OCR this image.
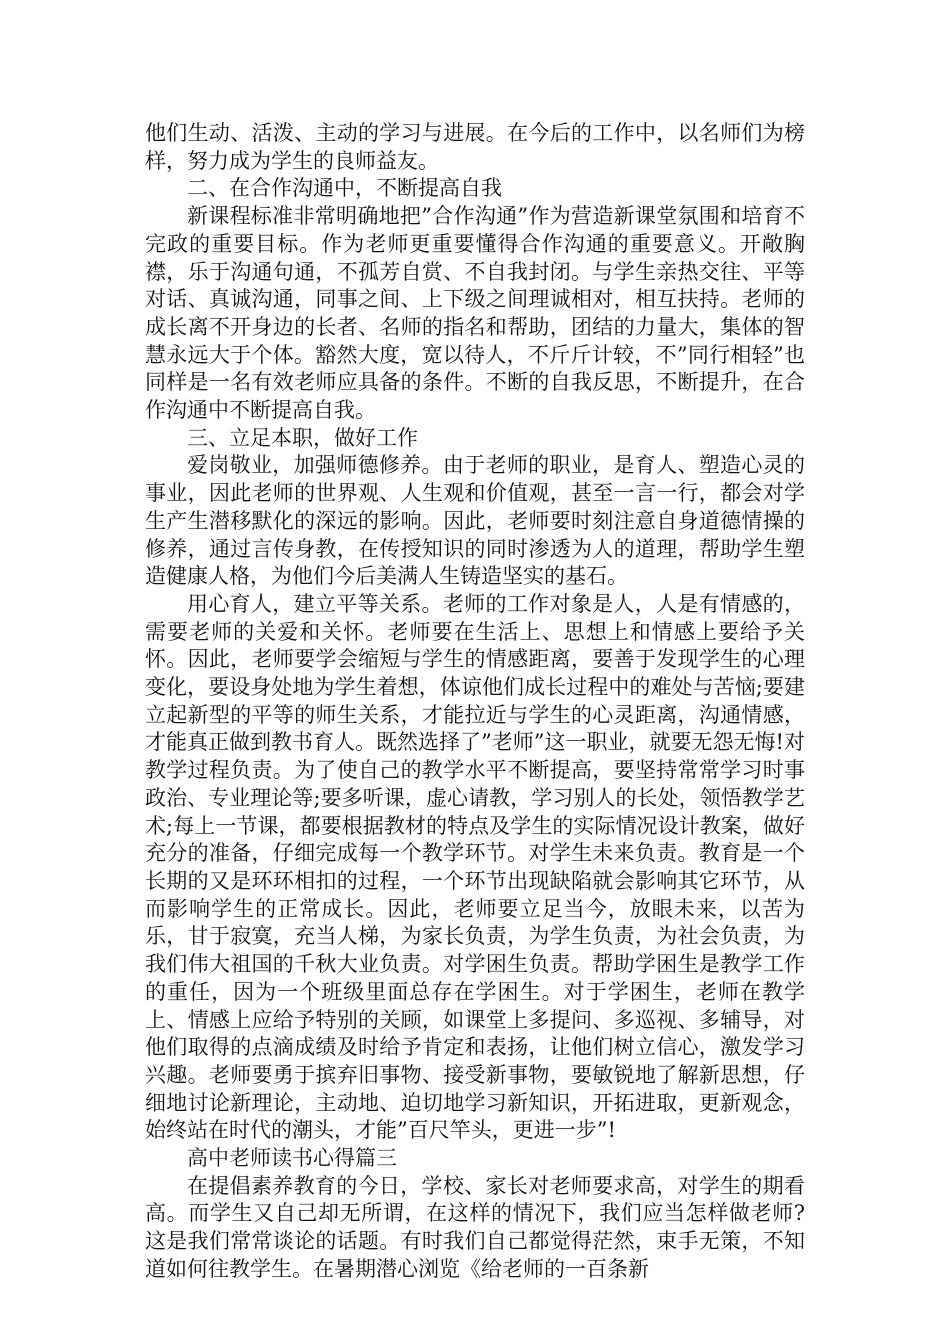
他们生动、活泼、主动的学习与进展。在今后的工作中，以名师们为榜样，努力成为学生的良师益友。

二、在合作沟通中，不断提高自我

新课程标准非常明确地把”合作沟通”作为营造新课堂氛围和培育不完政的重要目标。作为老师更重要懂得合作沟通的重要意义。开敞胸襟，乐于沟通句通，不孤芳自赏、不自我封闭。与学生亲热交往、平等对话、真诚沟通，同事之间、上下级之间理诚相对，相互扶持。老师的成长离不开身边的长者、名师的指名和帮助，团结的力量大，集体的智慧永远大于个体。豁然大度，宽以待人，不斤斤计较，不”同行相轻”也同样是一名有效老师应具备的条件。不断的自我反思，不断提升，在合作沟通中不断提高自我。

三、立足本职，做好工作

爱岗敬业，加强师德修养。由于老师的职业，是育人、塑造心灵的事业，因此老师的世界观、人生观和价值观，甚至一言一行，都会对学生产生潜移默化的深远的影响。因此，老师要时刻注意自身道德情操的修养，通过言传身教，在传授知识的同时渗透为人的道理，帮助学生塑造健康人格，为他们今后美满人生铸造坚实的基石。

用心育人，建立平等关系。老师的工作对象是人，人是有情感的，需要老师的关爱和关怀。老师要在生活上、思想上和情感上要给予关怀。因此，老师要学会缩短与学生的情感距离，要善于发现学生的心理变化，要设身处地为学生着想，体谅他们成长过程中的难处与苦恼;要建立起新型的平等的师生关系，才能拉近与学生的心灵距离，沟通情感，才能真正做到教书育人。既然选择了”老师”这一职业，就要无怨无悔!对教学过程负责。为了使自己的教学水平不断提高，要坚持常常学习时事政治、专业理论等;要多听课，虚心请教，学习别人的长处，领悟教学艺术;每上一节课，都要根据教材的特点及学生的实际情况设计教案，做好充分的准备，仔细完成每一个教学环节。对学生未来负责。教育是一个长期的又是环环相扣的过程，一个环节出现缺陷就会影响其它环节，从而影响学生的正常成长。因此，老师要立足当今，放眼未来，以苦为乐，甘于寂寞，充当人梯，为家长负责，为学生负责，为社会负责，为我们伟大祖国的千秋大业负责。对学困生负责。帮助学困生是教学工作的重任，因为一个班级里面总存在学困生。对于学困生，老师在教学上、情感上应给予特别的关顾，如课堂上多提问、多巡视、多辅导，对他们取得的点滴成绩及时给予肯定和表扬，让他们树立信心，激发学习兴趣。老师要勇于摈弃旧事物、接受新事物，要敏锐地了解新思想，仔细地讨论新理论，主动地、迫切地学习新知识，开拓进取，更新观念，始终站在时代的潮头，才能”百尺竿头，更进一步”!

高中老师读书心得篇三

在提倡素养教育的今日，学校、家长对老师要求高，对学生的期看高。而学生又自己却无所谓，在这样的情况下，我们应当怎样做老师?这是我们常常谈论的话题。有时我们自己都觉得茫然，束手无策，不知道如何往教学生。在暑期潜心浏览《给老师的一百条新
